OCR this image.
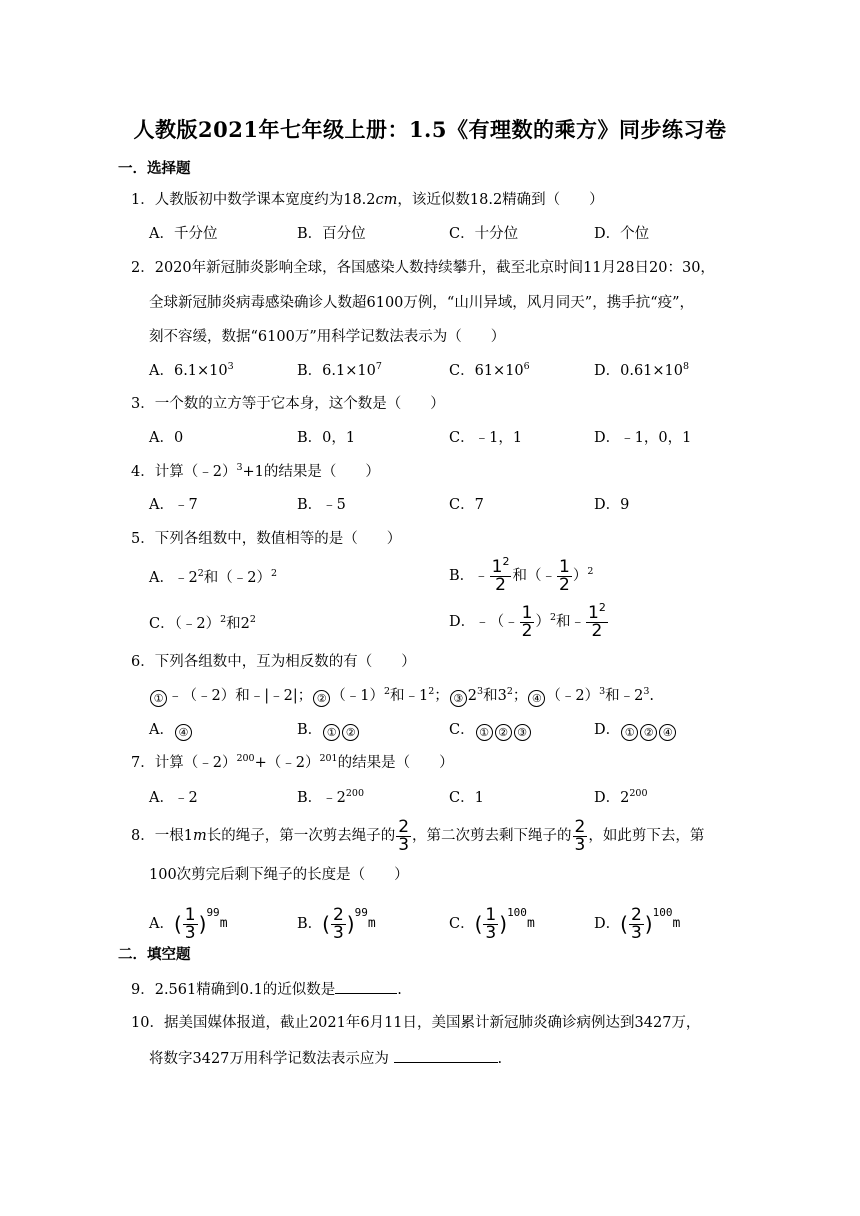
人教版2021年七年级上册：1.5《有理数的乘方》同步练习卷
一．选择题
1．人教版初中数学课本宽度约为18.2cm，该近似数18.2精确到（　　）
A．千分位	B．百分位	C．十分位	D．个位
2．2020年新冠肺炎影响全球，各国感染人数持续攀升，截至北京时间11月28日20：30，
全球新冠肺炎病毒感染确诊人数超6100万例，“山川异域，风月同天”，携手抗“疫”，
刻不容缓，数据“6100万”用科学记数法表示为（　　）
A．$6.1\times 10^3$	B．$6.1\times 10^7$	C．$61\times 10^6$	D．$0.61\times 10^8$
3．一个数的立方等于它本身，这个数是（　　）
A．0	B．0，1	C．﹣1，1	D．﹣1，0，1
4．计算（﹣2）$^3$+1的结果是（　　）
A．﹣7	B．﹣5	C．7	D．9
5．下列各组数中，数值相等的是（　　）
A．$﹣2^2$和（﹣2）$^2$	B．﹣ $\frac{1^2}{2}$ 和（﹣ $\frac{1}{2} )^2$
C．（﹣2）$^2$和$2^2$	D．﹣（﹣ $\frac{1}{2} )^2$和﹣ $\frac{1^2}{2}$
6．下列各组数中，互为相反数的有（　　）
① ﹣（﹣2）和﹣|﹣2|； ② （﹣1）$^2$和$﹣1^2$； ③ $2^3$和$3^2$； ④ （﹣2）$^3$和$﹣2^3$.
A． ④	B． ① ②	C． ① ② ③	D． ① ② ④
7．计算（﹣2）$^{200}$+（﹣2）$^{201}$的结果是（　　）
A．﹣2	B．$﹣2^{200}$	C．1	D．$2^{200}$
8．一根1m长的绳子，第一次剪去绳子的 $\frac{2}{3}$ ，第二次剪去剩下绳子的 $\frac{2}{3}$ ，如此剪下去，第
100次剪完后剩下绳子的长度是（　　）
A．( $\frac{1}{3} )^{99}m$	B．( $\frac{2}{3} )^{99}m$	C．( $\frac{1}{3} )^{100}m$	D．( $\frac{2}{3} )^{100}m$
二．填空题
9．2.561精确到0.1的近似数是	.
10．据美国媒体报道，截止2021年6月11日，美国累计新冠肺炎确诊病例达到3427万，
将数字3427万用科学记数法表示应为	.
